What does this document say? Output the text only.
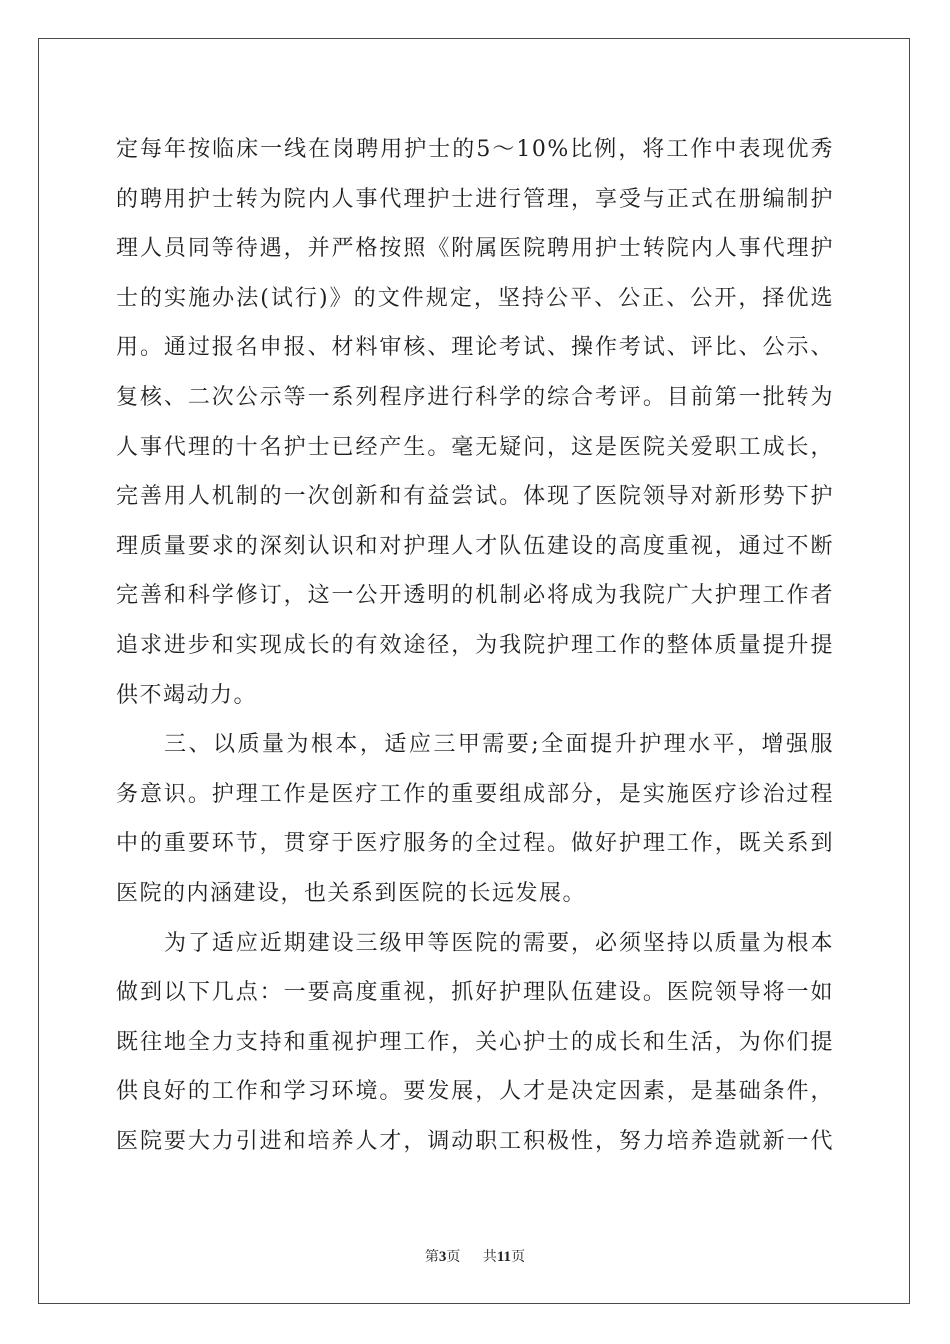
定每年按临床一线在岗聘用护士的5～10%比例，将工作中表现优秀
的聘用护士转为院内人事代理护士进行管理，享受与正式在册编制护
理人员同等待遇，并严格按照《附属医院聘用护士转院内人事代理护
士的实施办法(试行)》的文件规定，坚持公平、公正、公开，择优选
用。通过报名申报、材料审核、理论考试、操作考试、评比、公示、
复核、二次公示等一系列程序进行科学的综合考评。目前第一批转为
人事代理的十名护士已经产生。毫无疑问，这是医院关爱职工成长，
完善用人机制的一次创新和有益尝试。体现了医院领导对新形势下护
理质量要求的深刻认识和对护理人才队伍建设的高度重视，通过不断
完善和科学修订，这一公开透明的机制必将成为我院广大护理工作者
追求进步和实现成长的有效途径，为我院护理工作的整体质量提升提
供不竭动力。
三、以质量为根本，适应三甲需要;全面提升护理水平，增强服
务意识。护理工作是医疗工作的重要组成部分，是实施医疗诊治过程
中的重要环节，贯穿于医疗服务的全过程。做好护理工作，既关系到
医院的内涵建设，也关系到医院的长远发展。
为了适应近期建设三级甲等医院的需要，必须坚持以质量为根本
做到以下几点：一要高度重视，抓好护理队伍建设。医院领导将一如
既往地全力支持和重视护理工作，关心护士的成长和生活，为你们提
供良好的工作和学习环境。要发展，人才是决定因素，是基础条件，
医院要大力引进和培养人才，调动职工积极性，努力培养造就新一代
第3页 共11页
